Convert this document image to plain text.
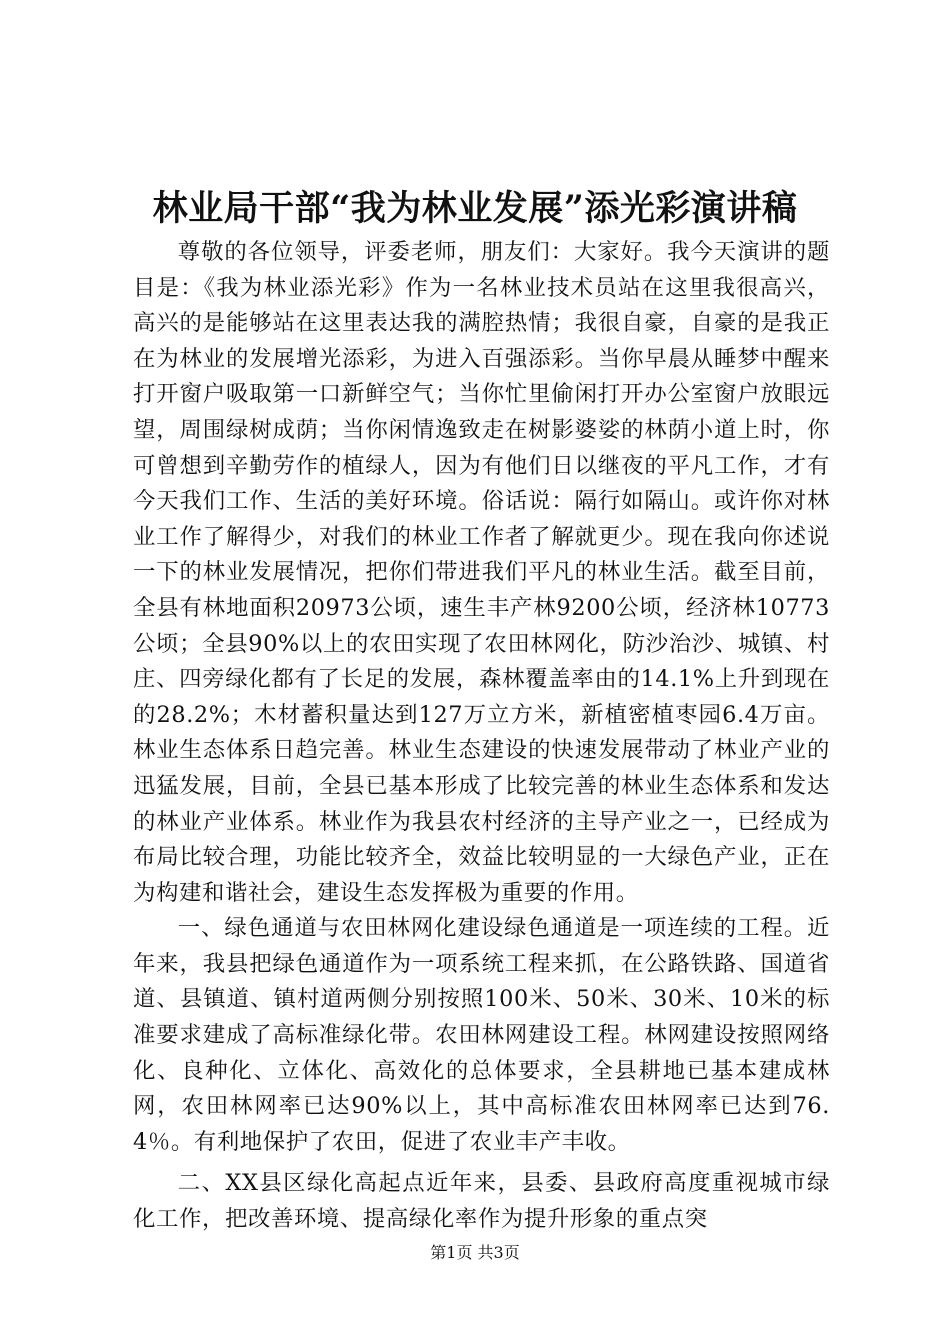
林业局干部“我为林业发展”添光彩演讲稿

尊敬的各位领导，评委老师，朋友们：大家好。我今天演讲的题目是：《我为林业添光彩》作为一名林业技术员站在这里我很高兴，高兴的是能够站在这里表达我的满腔热情；我很自豪，自豪的是我正在为林业的发展增光添彩，为进入百强添彩。当你早晨从睡梦中醒来打开窗户吸取第一口新鲜空气；当你忙里偷闲打开办公室窗户放眼远望，周围绿树成荫；当你闲情逸致走在树影婆娑的林荫小道上时，你可曾想到辛勤劳作的植绿人，因为有他们日以继夜的平凡工作，才有今天我们工作、生活的美好环境。俗话说：隔行如隔山。或许你对林业工作了解得少，对我们的林业工作者了解就更少。现在我向你述说一下的林业发展情况，把你们带进我们平凡的林业生活。截至目前，全县有林地面积20973公顷，速生丰产林9200公顷，经济林10773公顷；全县90%以上的农田实现了农田林网化，防沙治沙、城镇、村庄、四旁绿化都有了长足的发展，森林覆盖率由的14.1%上升到现在的28.2%；木材蓄积量达到127万立方米，新植密植枣园6.4万亩。林业生态体系日趋完善。林业生态建设的快速发展带动了林业产业的迅猛发展，目前，全县已基本形成了比较完善的林业生态体系和发达的林业产业体系。林业作为我县农村经济的主导产业之一，已经成为布局比较合理，功能比较齐全，效益比较明显的一大绿色产业，正在为构建和谐社会，建设生态发挥极为重要的作用。

一、绿色通道与农田林网化建设绿色通道是一项连续的工程。近年来，我县把绿色通道作为一项系统工程来抓，在公路铁路、国道省道、县镇道、镇村道两侧分别按照100米、50米、30米、10米的标准要求建成了高标准绿化带。农田林网建设工程。林网建设按照网络化、良种化、立体化、高效化的总体要求，全县耕地已基本建成林网，农田林网率已达90%以上，其中高标准农田林网率已达到76.4％。有利地保护了农田，促进了农业丰产丰收。

二、XX县区绿化高起点近年来，县委、县政府高度重视城市绿化工作，把改善环境、提高绿化率作为提升形象的重点突

第1页 共3页
